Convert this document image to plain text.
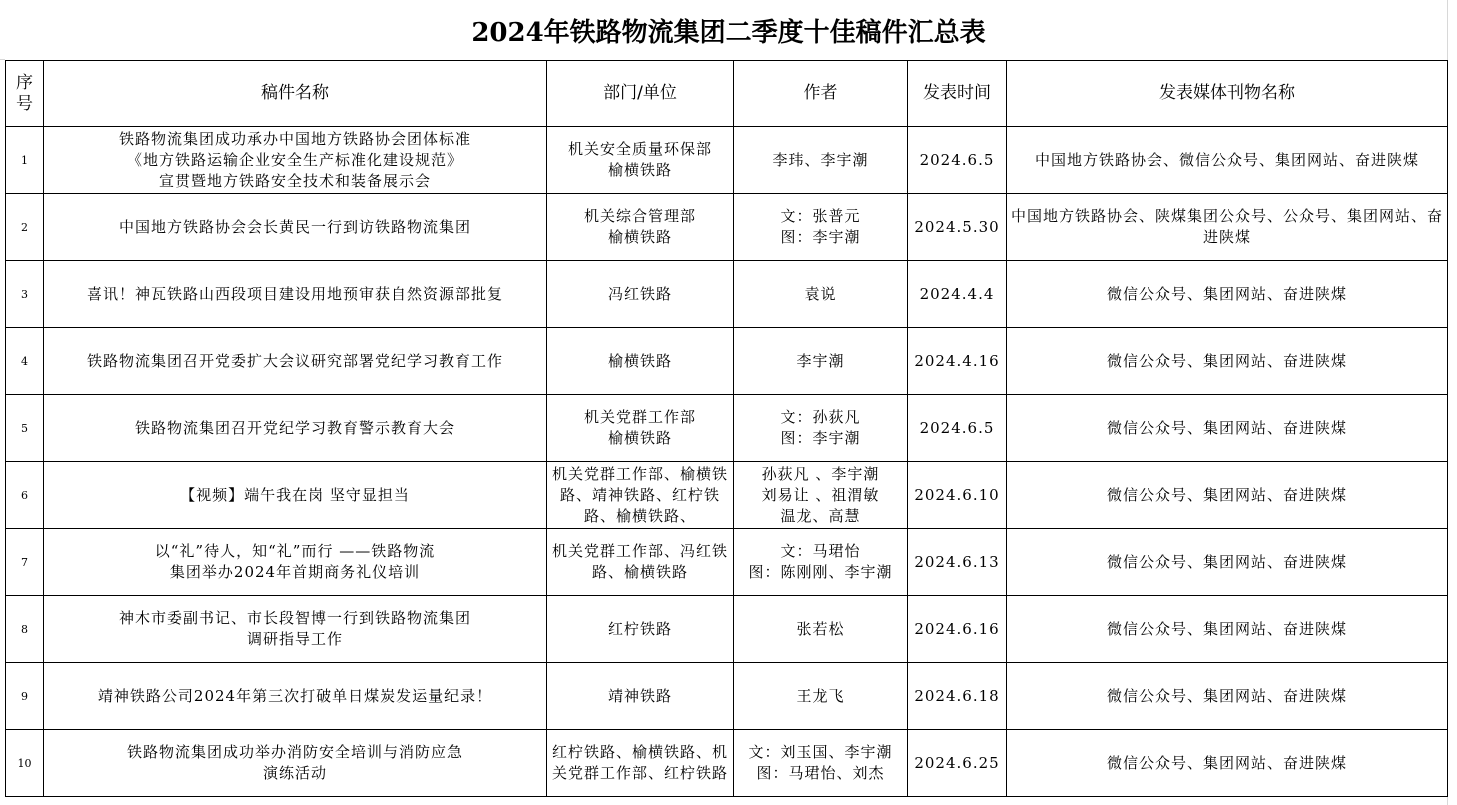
2024年铁路物流集团二季度十佳稿件汇总表
序
号	稿件名称	部门/单位	作者	发表时间	发表媒体刊物名称

1	铁路物流集团成功承办中国地方铁路协会团体标准
《地方铁路运输企业安全生产标准化建设规范》
宣贯暨地方铁路安全技术和装备展示会	机关安全质量环保部
榆横铁路	李玮、李宇潮	2024.6.5	中国地方铁路协会、微信公众号、集团网站、奋进陕煤

2	中国地方铁路协会会长黄民一行到访铁路物流集团	机关综合管理部
榆横铁路	文：张普元
图：李宇潮	2024.5.30	中国地方铁路协会、陕煤集团公众号、公众号、集团网站、奋进陕煤

3	喜讯！神瓦铁路山西段项目建设用地预审获自然资源部批复	冯红铁路	袁说	2024.4.4	微信公众号、集团网站、奋进陕煤

4	铁路物流集团召开党委扩大会议研究部署党纪学习教育工作	榆横铁路	李宇潮	2024.4.16	微信公众号、集团网站、奋进陕煤

5	铁路物流集团召开党纪学习教育警示教育大会	机关党群工作部
榆横铁路	文：孙荻凡
图：李宇潮	2024.6.5	微信公众号、集团网站、奋进陕煤

6	【视频】端午我在岗 坚守显担当	机关党群工作部、榆横铁路、靖神铁路、红柠铁路、榆横铁路、	孙荻凡 、李宇潮
刘易让 、祖渭敏
温龙、高慧	2024.6.10	微信公众号、集团网站、奋进陕煤

7	以“礼”待人，知“礼”而行 ——铁路物流
集团举办2024年首期商务礼仪培训	机关党群工作部、冯红铁路、榆横铁路	文：马珺怡
图：陈刚刚、李宇潮	2024.6.13	微信公众号、集团网站、奋进陕煤

8	神木市委副书记、市长段智博一行到铁路物流集团
调研指导工作	红柠铁路	张若松	2024.6.16	微信公众号、集团网站、奋进陕煤

9	靖神铁路公司2024年第三次打破单日煤炭发运量纪录！	靖神铁路	王龙飞	2024.6.18	微信公众号、集团网站、奋进陕煤

10	铁路物流集团成功举办消防安全培训与消防应急
演练活动	红柠铁路、榆横铁路、机关党群工作部、红柠铁路	文：刘玉国、李宇潮
图：马珺怡、刘杰	2024.6.25	微信公众号、集团网站、奋进陕煤
